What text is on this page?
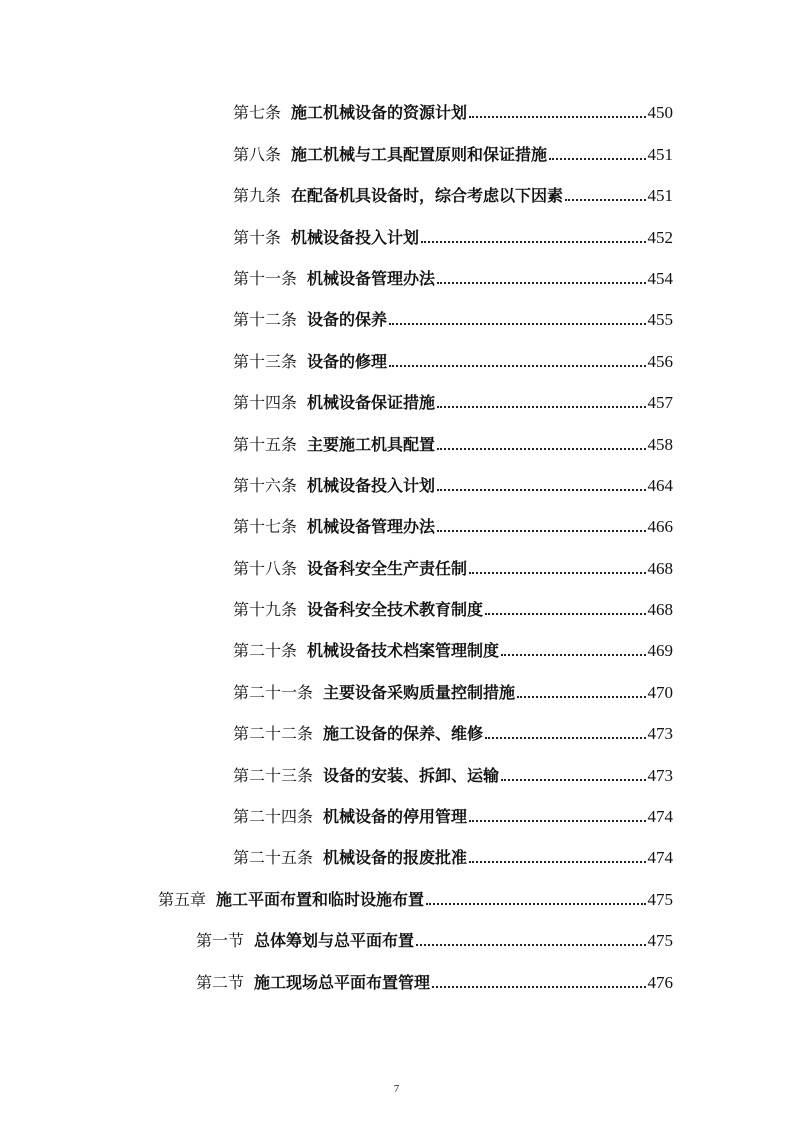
第七条 施工机械设备的资源计划	450
第八条 施工机械与工具配置原则和保证措施	451
第九条 在配备机具设备时，综合考虑以下因素	451
第十条 机械设备投入计划	452
第十一条 机械设备管理办法	454
第十二条 设备的保养	455
第十三条 设备的修理	456
第十四条 机械设备保证措施	457
第十五条 主要施工机具配置	458
第十六条 机械设备投入计划	464
第十七条 机械设备管理办法	466
第十八条 设备科安全生产责任制	468
第十九条 设备科安全技术教育制度	468
第二十条 机械设备技术档案管理制度	469
第二十一条 主要设备采购质量控制措施	470
第二十二条 施工设备的保养、维修	473
第二十三条 设备的安装、拆卸、运输	473
第二十四条 机械设备的停用管理	474
第二十五条 机械设备的报废批准	474
第五章 施工平面布置和临时设施布置	475
第一节 总体筹划与总平面布置	475
第二节 施工现场总平面布置管理	476
7
